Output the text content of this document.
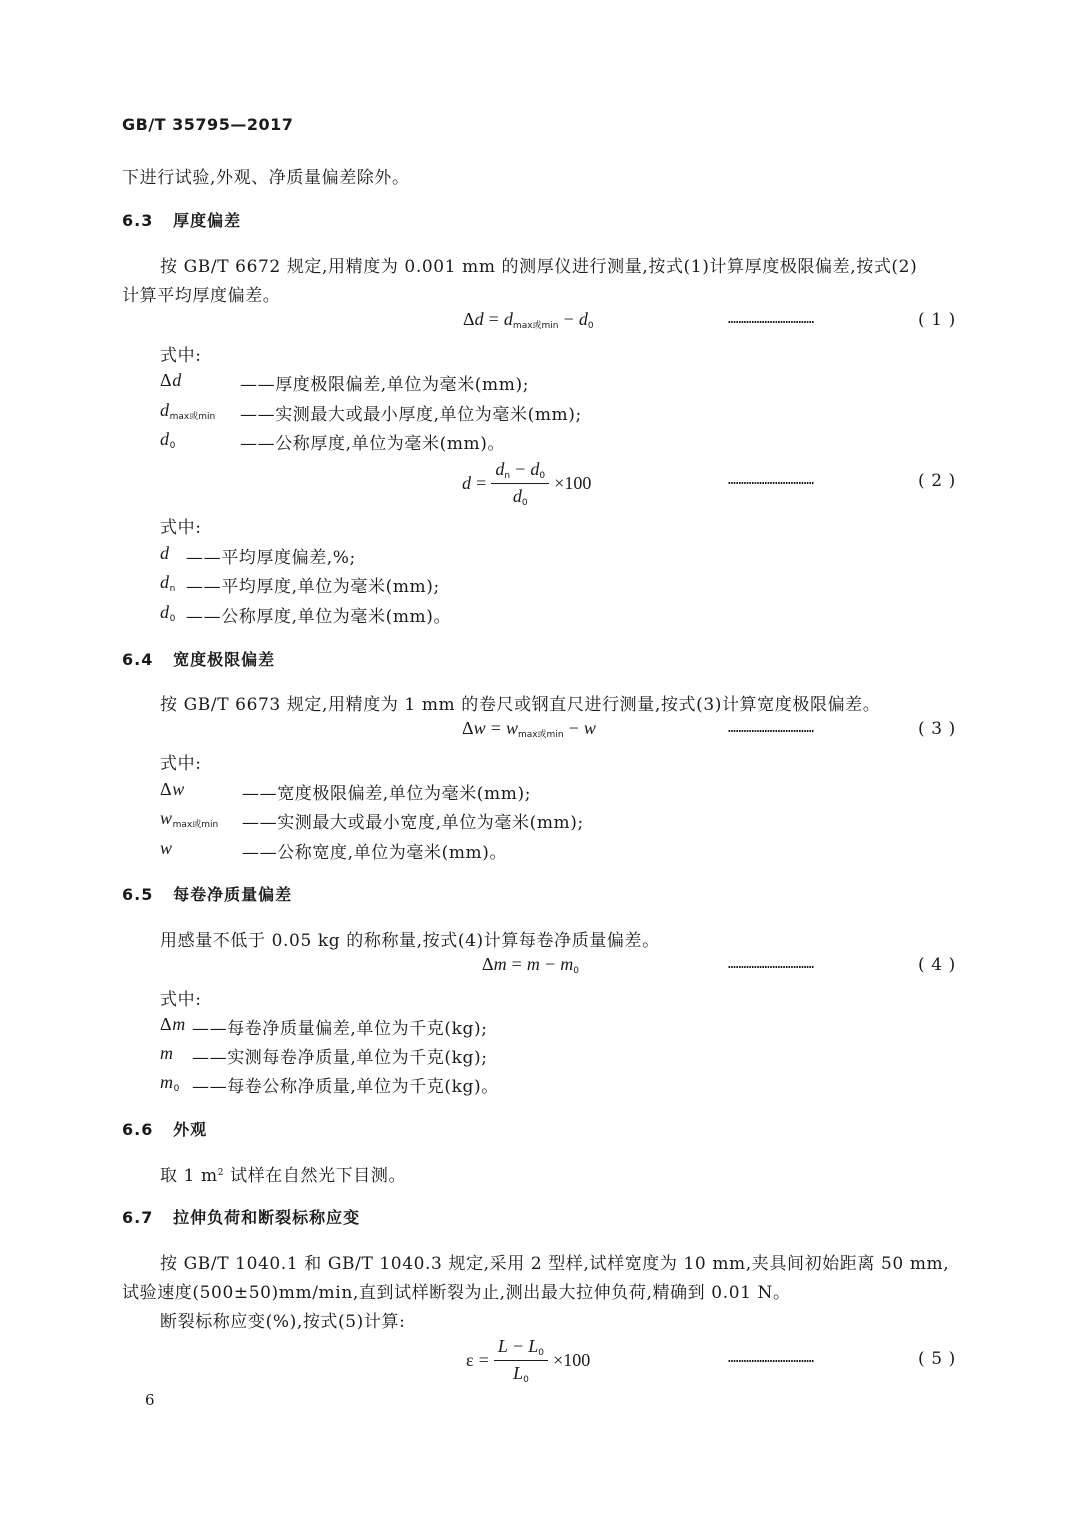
GB/T 35795—2017
下进行试验,外观、净质量偏差除外。
6.3 厚度偏差
按 GB/T 6672 规定,用精度为 0.001 mm 的测厚仪进行测量,按式(1)计算厚度极限偏差,按式(2)
计算平均厚度偏差。
$\Delta d = d_{max或min} - d_0$	……………………………	( 1 )
式中:
Δd	——厚度极限偏差,单位为毫米(mm);
$d_{max或min}$ ——实测最大或最小厚度,单位为毫米(mm);
$d_0$	——公称厚度,单位为毫米(mm)。
$d = \frac{d_n - d_0}{d_0} \times 100$	……………………………	( 2 )
式中:
d ——平均厚度偏差,%;
$d_n$ ——平均厚度,单位为毫米(mm);
$d_0$ ——公称厚度,单位为毫米(mm)。
6.4 宽度极限偏差
按 GB/T 6673 规定,用精度为 1 mm 的卷尺或钢直尺进行测量,按式(3)计算宽度极限偏差。
$\Delta w = w_{max或min} - w$	……………………………	( 3 )
式中:
Δw	——宽度极限偏差,单位为毫米(mm);
$w_{max或min}$ ——实测最大或最小宽度,单位为毫米(mm);
w	——公称宽度,单位为毫米(mm)。
6.5 每卷净质量偏差
用感量不低于 0.05 kg 的称称量,按式(4)计算每卷净质量偏差。
$\Delta m = m - m_0$	……………………………	( 4 )
式中:
Δm ——每卷净质量偏差,单位为千克(kg);
m ——实测每卷净质量,单位为千克(kg);
$m_0$ ——每卷公称净质量,单位为千克(kg)。
6.6 外观
取 1 $m^2$ 试样在自然光下目测。
6.7 拉伸负荷和断裂标称应变
按 GB/T 1040.1 和 GB/T 1040.3 规定,采用 2 型样,试样宽度为 10 mm,夹具间初始距离 50 mm,
试验速度(500±50)mm/min,直到试样断裂为止,测出最大拉伸负荷,精确到 0.01 N。
断裂标称应变(%),按式(5)计算:
$\varepsilon = \frac{L - L_0}{L_0} \times 100$	……………………………	( 5 )
6
